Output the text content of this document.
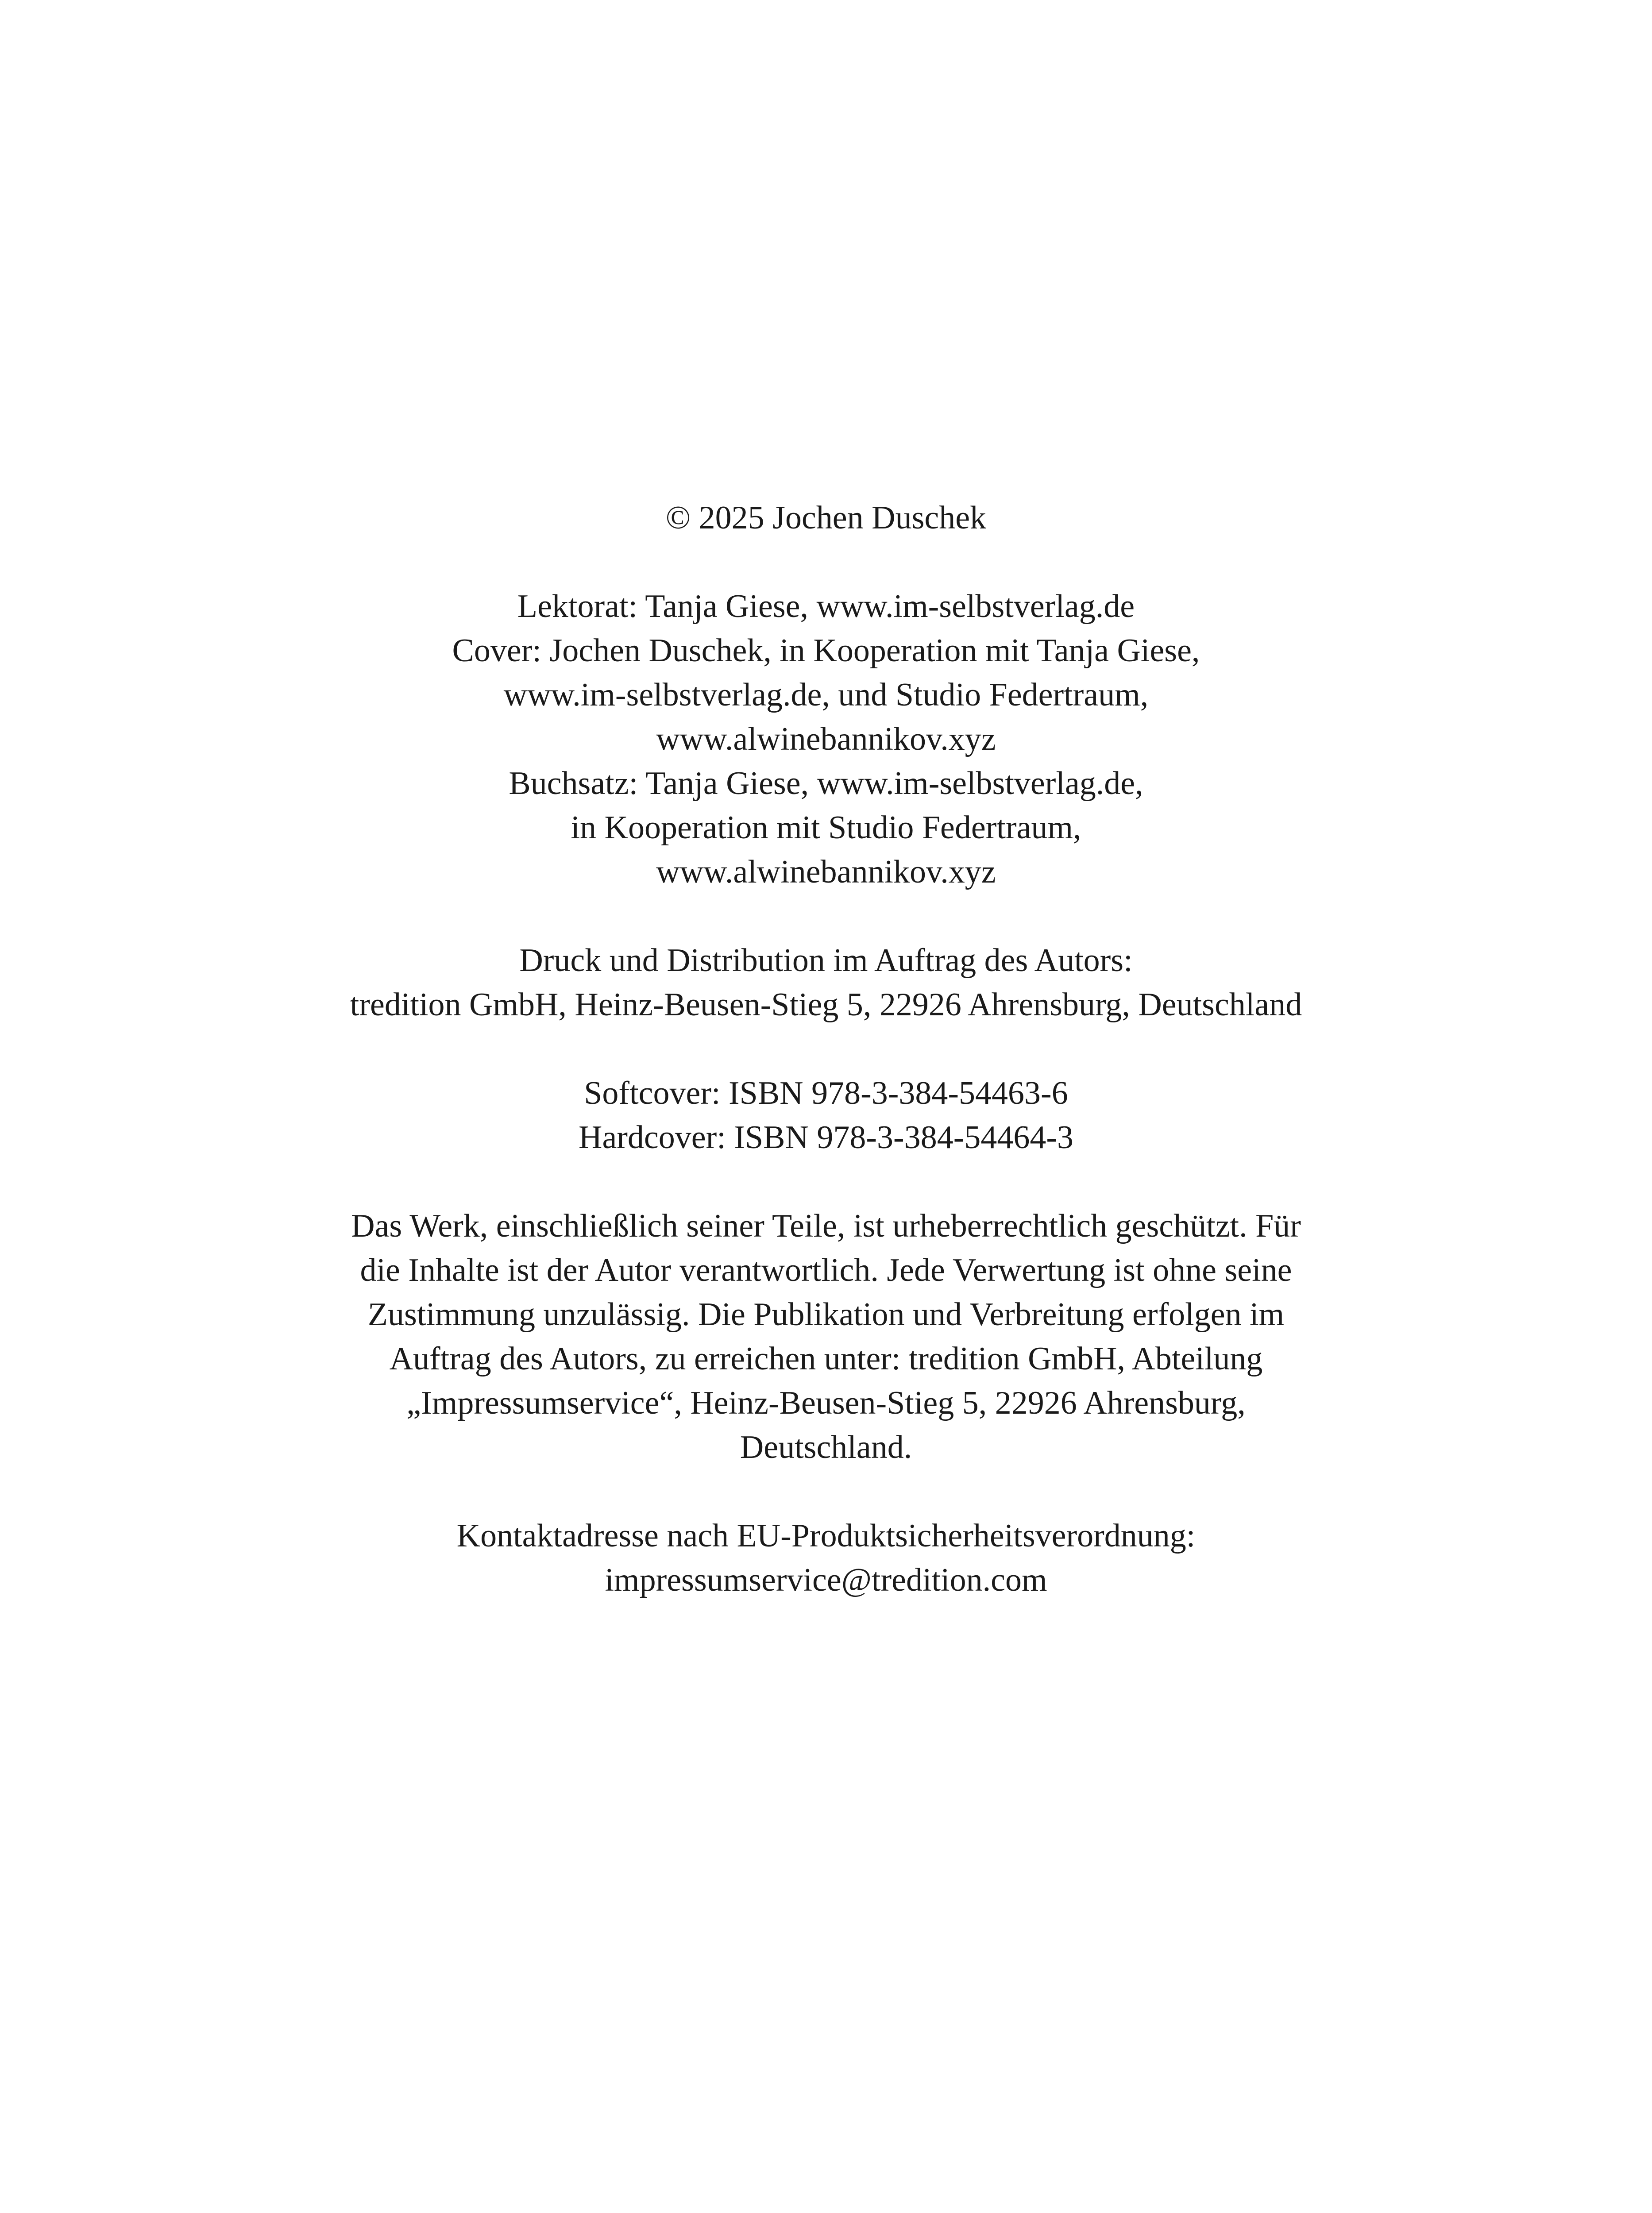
© 2025 Jochen Duschek
Lektorat: Tanja Giese, www.im-selbstverlag.de
Cover: Jochen Duschek, in Kooperation mit Tanja Giese,
www.im-selbstverlag.de, und Studio Federtraum,
www.alwinebannikov.xyz
Buchsatz: Tanja Giese, www.im-selbstverlag.de,
in Kooperation mit Studio Federtraum,
www.alwinebannikov.xyz
Druck und Distribution im Auftrag des Autors:
tredition GmbH, Heinz-Beusen-Stieg 5, 22926 Ahrensburg, Deutschland
Softcover: ISBN 978-3-384-54463-6
Hardcover: ISBN 978-3-384-54464-3
Das Werk, einschließlich seiner Teile, ist urheberrechtlich geschützt. Für
die Inhalte ist der Autor verantwortlich. Jede Verwertung ist ohne seine
Zustimmung unzulässig. Die Publikation und Verbreitung erfolgen im
Auftrag des Autors, zu erreichen unter: tredition GmbH, Abteilung
„Impressumservice“, Heinz-Beusen-Stieg 5, 22926 Ahrensburg,
Deutschland.
Kontaktadresse nach EU-Produktsicherheitsverordnung:
impressumservice@tredition.com
